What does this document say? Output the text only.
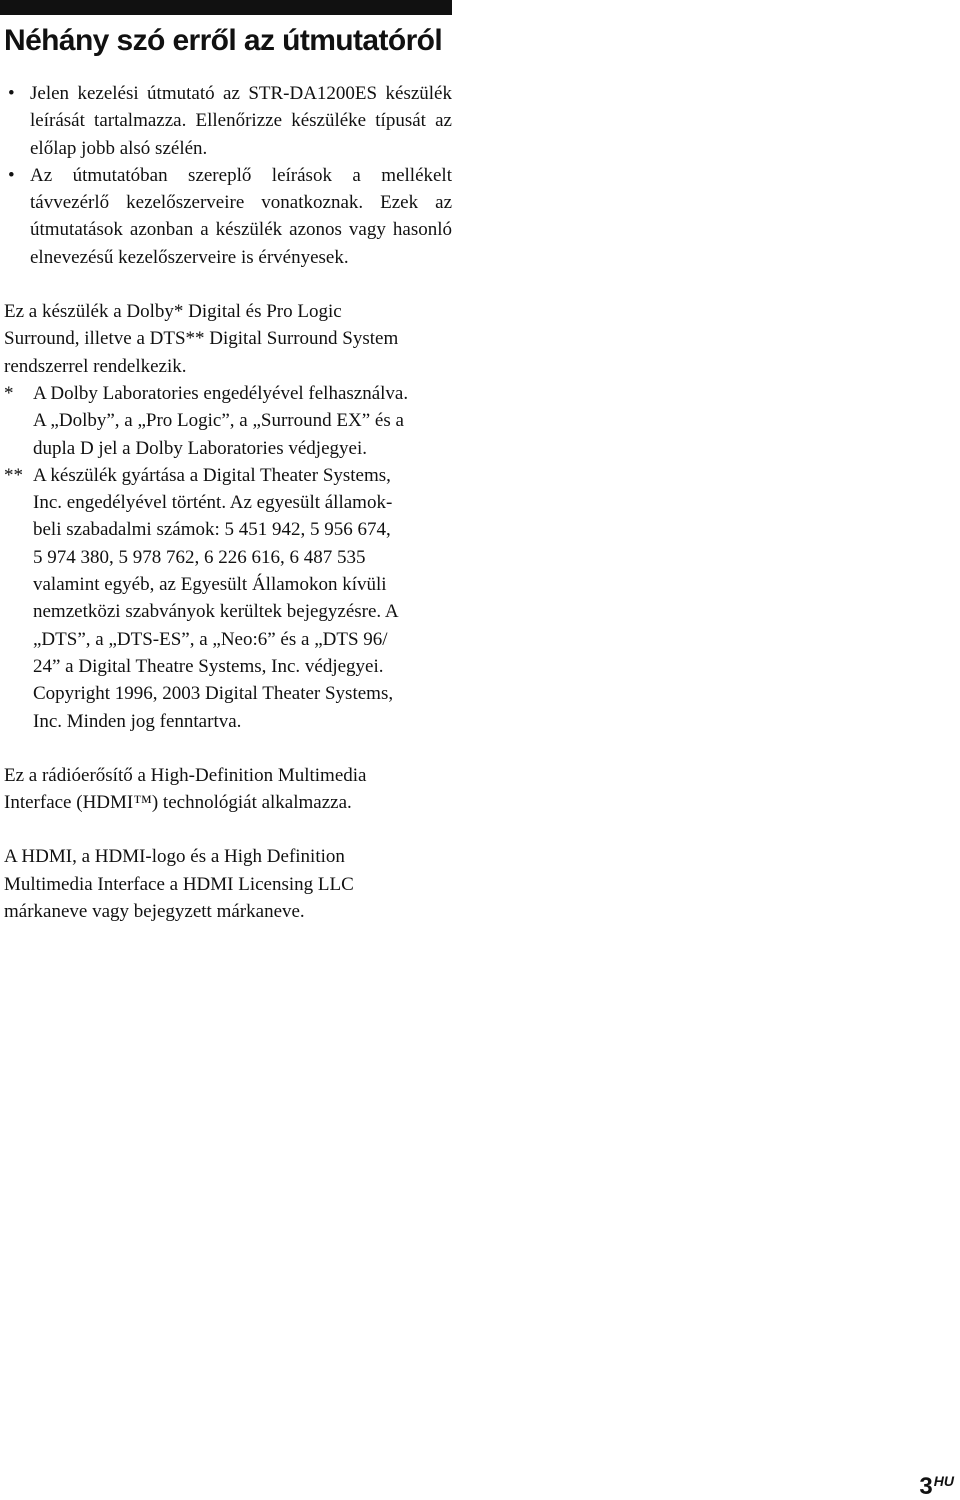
Néhány szó erről az útmutatóról
• Jelen kezelési útmutató az STR-DA1200ES készülék leírását tartalmazza. Ellenőrizze készüléke típusát az előlap jobb alsó szélén.
• Az útmutatóban szereplő leírások a mellékelt távvezérlő kezelőszerveire vonatkoznak. Ezek az útmutatások azonban a készülék azonos vagy hasonló elnevezésű kezelőszerveire is érvényesek.

Ez a készülék a Dolby* Digital és Pro Logic
Surround, illetve a DTS** Digital Surround System
rendszerrel rendelkezik.

* A Dolby Laboratories engedélyével felhasználva.
A „Dolby”, a „Pro Logic”, a „Surround EX” és a
dupla D jel a Dolby Laboratories védjegyei.
** A készülék gyártása a Digital Theater Systems,
Inc. engedélyével történt. Az egyesült államok-
beli szabadalmi számok: 5 451 942, 5 956 674,
5 974 380, 5 978 762, 6 226 616, 6 487 535
valamint egyéb, az Egyesült Államokon kívüli
nemzetközi szabványok kerültek bejegyzésre. A
„DTS”, a „DTS-ES”, a „Neo:6” és a „DTS 96/
24” a Digital Theatre Systems, Inc. védjegyei.
Copyright 1996, 2003 Digital Theater Systems,
Inc. Minden jog fenntartva.

Ez a rádióerősítő a High-Definition Multimedia
Interface (HDMI™) technológiát alkalmazza.

A HDMI, a HDMI-logo és a High Definition
Multimedia Interface a HDMI Licensing LLC
márkaneve vagy bejegyzett márkaneve.

$3^{HU}$
